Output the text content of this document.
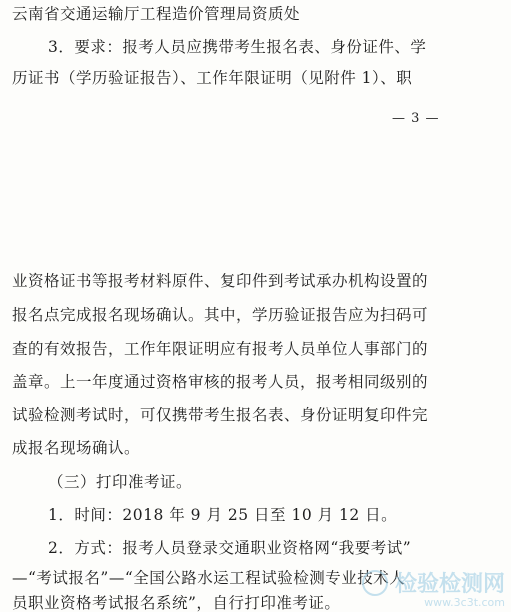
云南省交通运输厅工程造价管理局资质处
3．要求：报考人员应携带考生报名表、身份证件、学
历证书（学历验证报告）、工作年限证明（见附件 1）、职
— 3 —
业资格证书等报考材料原件、复印件到考试承办机构设置的
报名点完成报名现场确认。其中，学历验证报告应为扫码可
查的有效报告，工作年限证明应有报考人员单位人事部门的
盖章。上一年度通过资格审核的报考人员，报考相同级别的
试验检测考试时，可仅携带考生报名表、身份证明复印件完
成报名现场确认。
（三）打印准考证。
1．时间：2018 年 9 月 25 日至 10 月 12 日。
2．方式：报考人员登录交通职业资格网“我要考试”
—“考试报名”—“全国公路水运工程试验检测专业技术人
员职业资格考试报名系统”，自行打印准考证。
检验检测网
www.3c3t.com
